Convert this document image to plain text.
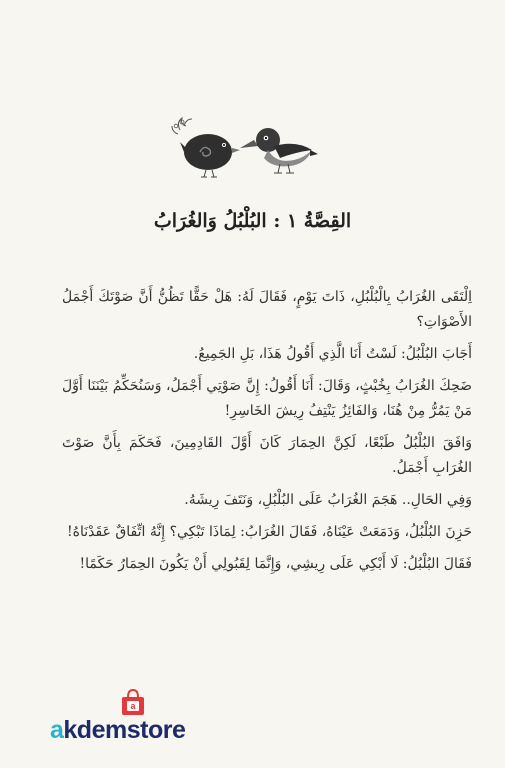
القِصَّةُ ١ : البُلْبُلُ وَالغُرَابُ

اِلْتَقَى الغُرَابُ بِالْبُلْبُلِ، ذَاتَ يَوْمٍ، فَقَالَ لَهُ: هَلْ حَقًّا تَظُنُّ أَنَّ صَوْتَكَ أَجْمَلُ الأَصْوَاتِ؟

أَجَابَ البُلْبُلُ: لَسْتُ أَنَا الَّذِي أَقُولُ هَذَا، بَلِ الجَمِيعُ.

ضَحِكَ الغُرَابُ بِخُبْثٍ، وَقَالَ: أَنَا أَقُولُ: إِنَّ صَوْتِي أَجْمَلُ، وَسَنُحَكِّمُ بَيْنَنَا أَوَّلَ مَنْ يَمُرُّ مِنْ هُنَا، وَالفَائِزُ يَنْتِفُ رِيشَ الخَاسِرِ!

وَافَقَ البُلْبُلُ طَبْعًا، لَكِنَّ الحِمَارَ كَانَ أَوَّلَ القَادِمِينَ، فَحَكَمَ بِأَنَّ صَوْتَ الغُرَابِ أَجْمَلُ.

وَفِي الحَالِ.. هَجَمَ الغُرَابُ عَلَى البُلْبُلِ، وَنَتَفَ رِيشَهُ.

حَزِنَ البُلْبُلُ، وَدَمَعَتْ عَيْنَاهُ، فَقَالَ الغُرَابُ: لِمَاذَا تَبْكِي؟ إِنَّهُ اتِّفَاقٌ عَقَدْنَاهُ!

فَقَالَ البُلْبُلُ: لَا أَبْكِي عَلَى رِيشِي، وَإِنَّمَا لِقَبُولِي أَنْ يَكُونَ الحِمَارُ حَكَمًا!

a
akdemstore
